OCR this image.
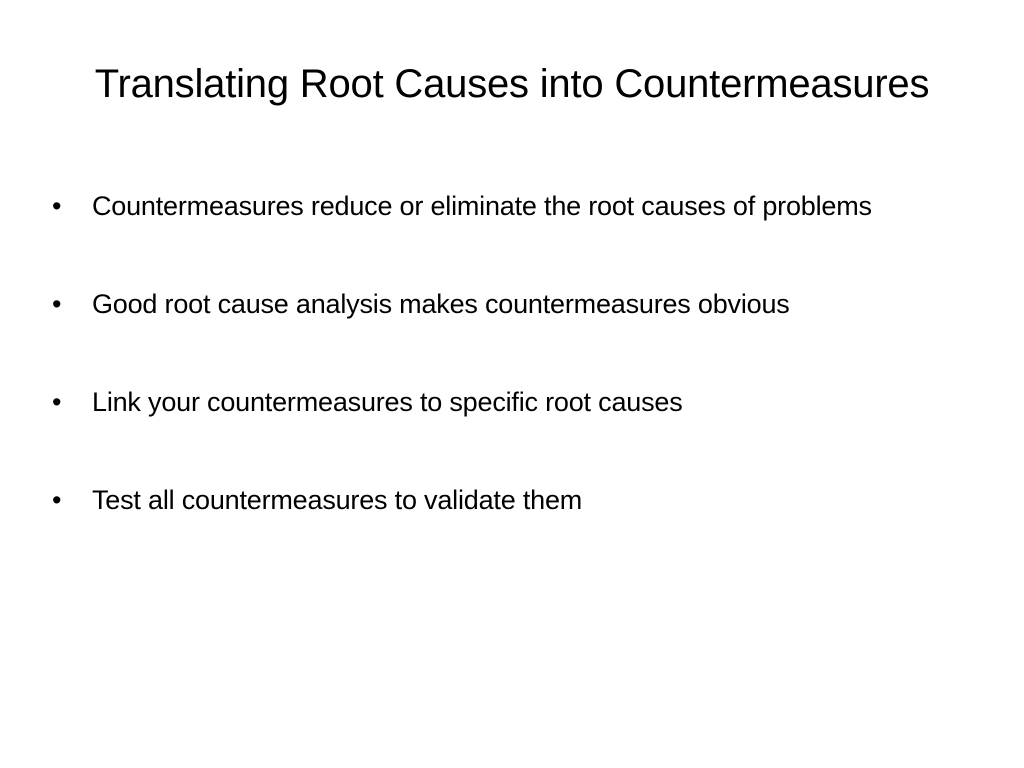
Translating Root Causes into Countermeasures
•	Countermeasures reduce or eliminate the root causes of problems
•	Good root cause analysis makes countermeasures obvious
•	Link your countermeasures to specific root causes
•	Test all countermeasures to validate them
